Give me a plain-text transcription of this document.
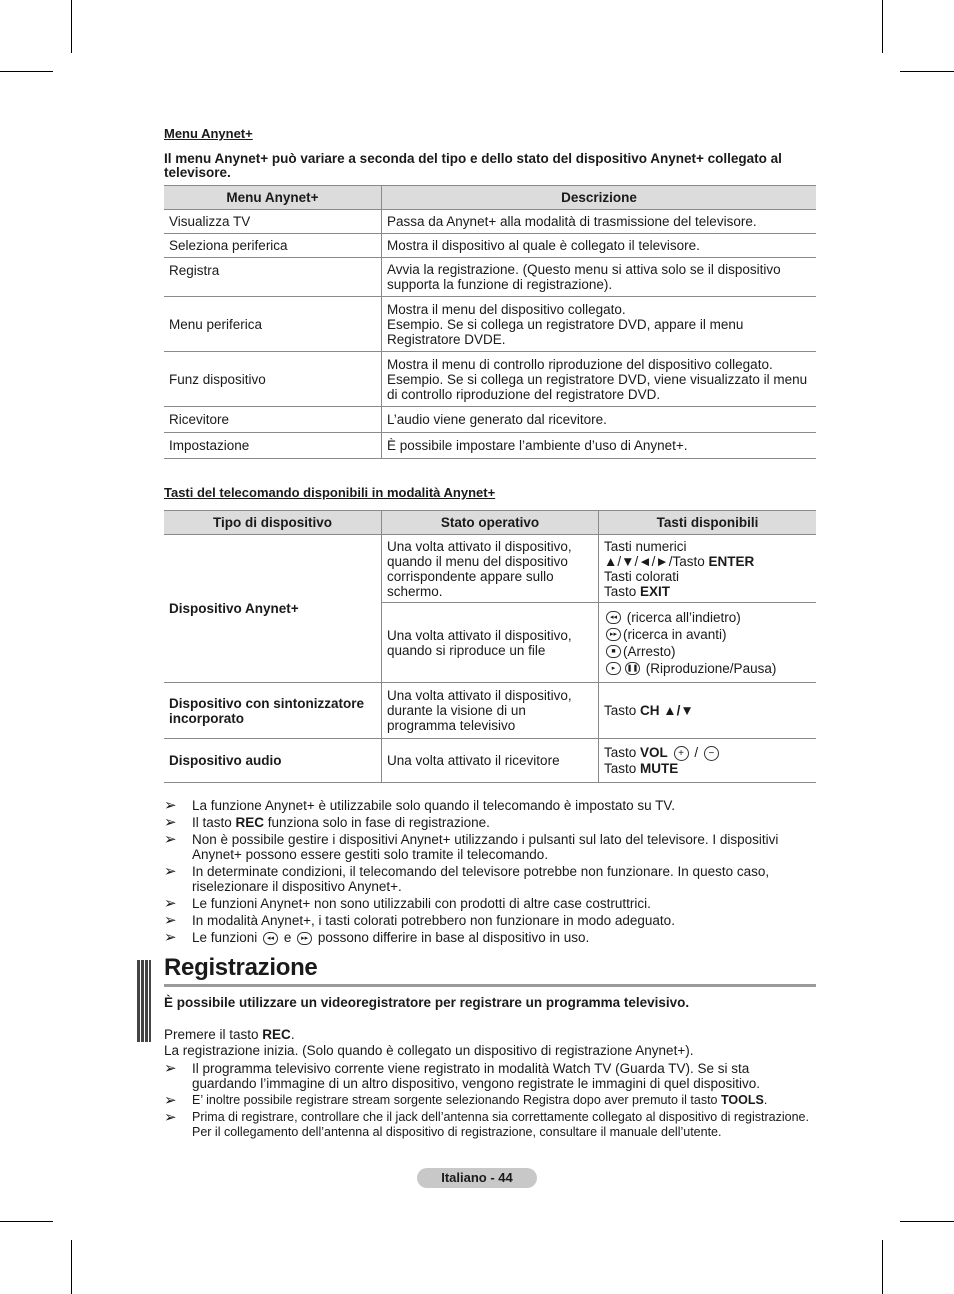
Menu Anynet+

Il menu Anynet+ può variare a seconda del tipo e dello stato del dispositivo Anynet+ collegato al televisore.

Menu Anynet+	Descrizione
Visualizza TV	Passa da Anynet+ alla modalità di trasmissione del televisore.
Seleziona periferica	Mostra il dispositivo al quale è collegato il televisore.
Registra	Avvia la registrazione. (Questo menu si attiva solo se il dispositivo supporta la funzione di registrazione).
Menu periferica	Mostra il menu del dispositivo collegato.
Esempio. Se si collega un registratore DVD, appare il menu Registratore DVDE.

Funz dispositivo	Mostra il menu di controllo riproduzione del dispositivo collegato.
Esempio. Se si collega un registratore DVD, viene visualizzato il menu di controllo riproduzione del registratore DVD.

Ricevitore	L’audio viene generato dal ricevitore.
Impostazione	È possibile impostare l’ambiente d’uso di Anynet+.

Tasti del telecomando disponibili in modalità Anynet+

Tipo di dispositivo	Stato operativo	Tasti disponibili
Dispositivo Anynet+	Una volta attivato il dispositivo, quando il menu del dispositivo corrispondente appare sullo schermo.	Tasti numerici
▲/▼/◄/►/Tasto ENTER
Tasti colorati
Tasto EXIT

	Una volta attivato il dispositivo, quando si riproduce un file	◂◂ (ricerca all’indietro)
▸▸ (ricerca in avanti)
■ (Arresto)
▸ ❚❚ (Riproduzione/Pausa)

Dispositivo con sintonizzatore incorporato	Una volta attivato il dispositivo, durante la visione di un programma televisivo	Tasto CH ▲/▼
Dispositivo audio	Una volta attivato il ricevitore	Tasto VOL + / −
Tasto MUTE
➢ La funzione Anynet+ è utilizzabile solo quando il telecomando è impostato su TV.
➢ Il tasto REC funziona solo in fase di registrazione.
➢ Non è possibile gestire i dispositivi Anynet+ utilizzando i pulsanti sul lato del televisore. I dispositivi Anynet+ possono essere gestiti solo tramite il telecomando.
➢ In determinate condizioni, il telecomando del televisore potrebbe non funzionare. In questo caso, riselezionare il dispositivo Anynet+.
➢ Le funzioni Anynet+ non sono utilizzabili con prodotti di altre case costruttrici.
➢ In modalità Anynet+, i tasti colorati potrebbero non funzionare in modo adeguato.
➢ Le funzioni ◂◂ e ▸▸ possono differire in base al dispositivo in uso.
Registrazione

È possibile utilizzare un videoregistratore per registrare un programma televisivo.

Premere il tasto REC.
La registrazione inizia. (Solo quando è collegato un dispositivo di registrazione Anynet+).
➢ Il programma televisivo corrente viene registrato in modalità Watch TV (Guarda TV). Se si sta guardando l’immagine di un altro dispositivo, vengono registrate le immagini di quel dispositivo.
➢ E’ inoltre possibile registrare stream sorgente selezionando Registra dopo aver premuto il tasto TOOLS.
➢ Prima di registrare, controllare che il jack dell’antenna sia correttamente collegato al dispositivo di registrazione. Per il collegamento dell’antenna al dispositivo di registrazione, consultare il manuale dell’utente.
Italiano - 44
